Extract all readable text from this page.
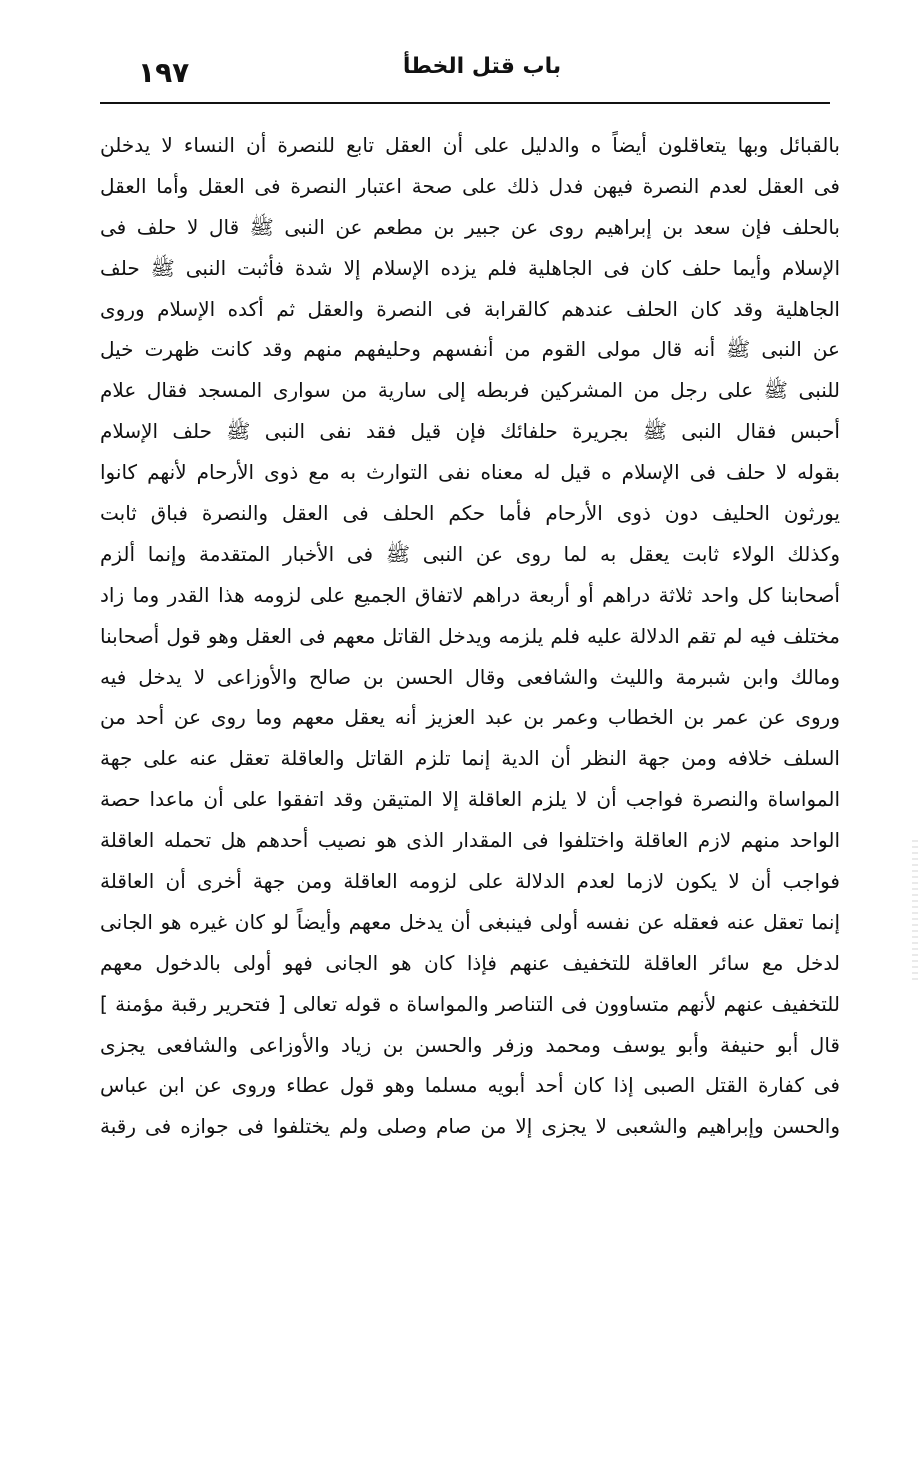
١٩٧	باب قتل الخطأ
بالقبائل وبها يتعاقلون أيضاً ه والدليل على أن العقل تابع للنصرة أن النساء لا يدخلن
فى العقل لعدم النصرة فيهن فدل ذلك على صحة اعتبار النصرة فى العقل وأما العقل
بالحلف فإن سعد بن إبراهيم روى عن جبير بن مطعم عن النبى ﷺ قال لا حلف فى
الإسلام وأيما حلف كان فى الجاهلية فلم يزده الإسلام إلا شدة فأثبت النبى ﷺ حلف
الجاهلية وقد كان الحلف عندهم كالقرابة فى النصرة والعقل ثم أكده الإسلام وروى
عن النبى ﷺ أنه قال مولى القوم من أنفسهم وحليفهم منهم وقد كانت ظهرت خيل
للنبى ﷺ على رجل من المشركين فربطه إلى سارية من سوارى المسجد فقال علام
أحبس فقال النبى ﷺ بجريرة حلفائك فإن قيل فقد نفى النبى ﷺ حلف الإسلام
بقوله لا حلف فى الإسلام ه قيل له معناه نفى التوارث به مع ذوى الأرحام لأنهم كانوا
يورثون الحليف دون ذوى الأرحام فأما حكم الحلف فى العقل والنصرة فباق ثابت
وكذلك الولاء ثابت يعقل به لما روى عن النبى ﷺ فى الأخبار المتقدمة وإنما ألزم
أصحابنا كل واحد ثلاثة دراهم أو أربعة دراهم لاتفاق الجميع على لزومه هذا القدر وما زاد
مختلف فيه لم تقم الدلالة عليه فلم يلزمه ويدخل القاتل معهم فى العقل وهو قول أصحابنا
ومالك وابن شبرمة والليث والشافعى وقال الحسن بن صالح والأوزاعى لا يدخل فيه
وروى عن عمر بن الخطاب وعمر بن عبد العزيز أنه يعقل معهم وما روى عن أحد من
السلف خلافه ومن جهة النظر أن الدية إنما تلزم القاتل والعاقلة تعقل عنه على جهة
المواساة والنصرة فواجب أن لا يلزم العاقلة إلا المتيقن وقد اتفقوا على أن ماعدا حصة
الواحد منهم لازم العاقلة واختلفوا فى المقدار الذى هو نصيب أحدهم هل تحمله العاقلة
فواجب أن لا يكون لازما لعدم الدلالة على لزومه العاقلة ومن جهة أخرى أن العاقلة
إنما تعقل عنه فعقله عن نفسه أولى فينبغى أن يدخل معهم وأيضاً لو كان غيره هو الجانى
لدخل مع سائر العاقلة للتخفيف عنهم فإذا كان هو الجانى فهو أولى بالدخول معهم
للتخفيف عنهم لأنهم متساوون فى التناصر والمواساة ه قوله تعالى [ فتحرير رقبة مؤمنة ]
قال أبو حنيفة وأبو يوسف ومحمد وزفر والحسن بن زياد والأوزاعى والشافعى يجزى
فى كفارة القتل الصبى إذا كان أحد أبويه مسلما وهو قول عطاء وروى عن ابن عباس
والحسن وإبراهيم والشعبى لا يجزى إلا من صام وصلى ولم يختلفوا فى جوازه فى رقبة
